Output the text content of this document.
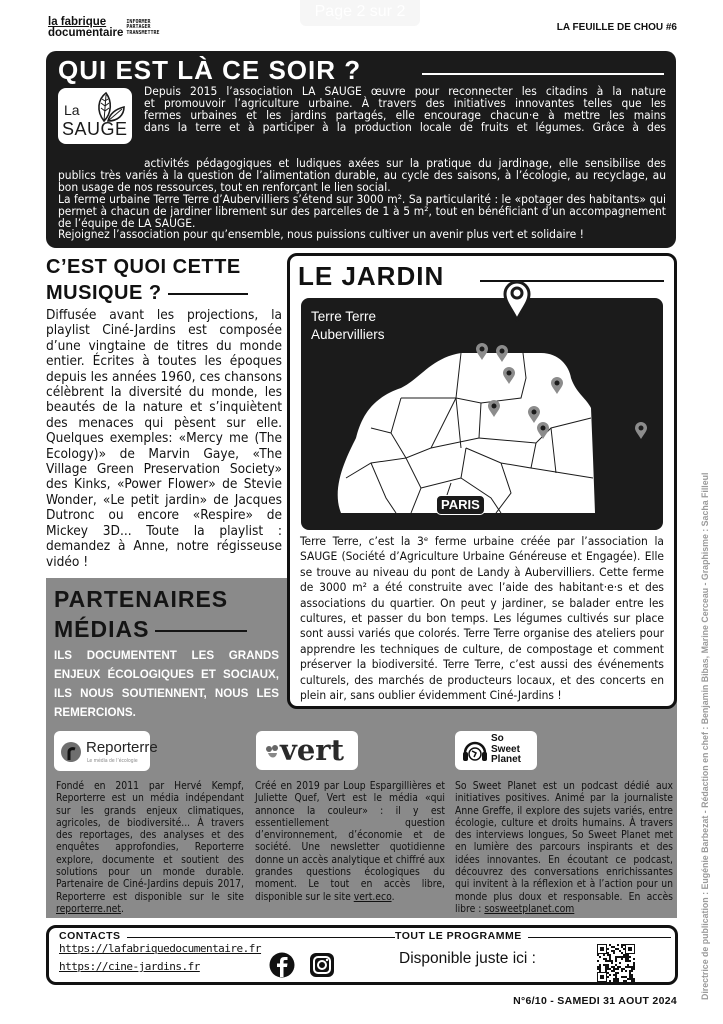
la fabrique
documentaire
INFORMER
PARTAGER
TRANSMETTRE
Page 2 sur 2
LA FEUILLE DE CHOU #6
QUI EST LÀ CE SOIR ?
La
SAUGE
Depuis 2015 l’association LA SAUGE œuvre pour reconnecter les citadins à la nature
et promouvoir l’agriculture urbaine. À travers des initiatives innovantes telles que les
fermes urbaines et les jardins partagés, elle encourage chacun·e à mettre les mains
dans la terre et à participer à la production locale de fruits et légumes. Grâce à des
activités pédagogiques et ludiques axées sur la pratique du jardinage, elle sensibilise des
publics très variés à la question de l’alimentation durable, au cycle des saisons, à l’écologie, au recyclage, au bon usage de nos ressources, tout en renforçant le lien social.
La ferme urbaine Terre Terre d’Aubervilliers s’étend sur 3000 m². Sa particularité : le «potager des habitants» qui permet à chacun de jardiner librement sur des parcelles de 1 à 5 m², tout en bénéficiant d’un accompagnement de l’équipe de LA SAUGE.
Rejoignez l’association pour qu’ensemble, nous puissions cultiver un avenir plus vert et solidaire !
C’EST QUOI CETTE
MUSIQUE ?

Diffusée avant les projections, la playlist Ciné-Jardins est composée d’une vingtaine de titres du monde entier. Écrites à toutes les époques depuis les années 1960, ces chansons célèbrent la diversité du monde, les beautés de la nature et s’inquiètent des menaces qui pèsent sur elle. Quelques exemples: «Mercy me (The Ecology)» de Marvin Gaye, «The Village Green Preservation Society» des Kinks, «Power Flower» de Stevie Wonder, «Le petit jardin» de Jacques Dutronc ou encore «Respire» de Mickey 3D... Toute la playlist : demandez à Anne, notre régisseuse vidéo !

PARTENAIRES
MÉDIAS

ILS DOCUMENTENT LES GRANDS ENJEUX ÉCOLOGIQUES ET SOCIAUX, ILS NOUS SOUTIENNENT, NOUS LES REMERCIONS.

LE JARDIN
Terre Terre
Aubervilliers
PARIS

Terre Terre, c’est la 3ᵉ ferme urbaine créée par l’association la SAUGE (Société d’Agriculture Urbaine Généreuse et Engagée). Elle se trouve au niveau du pont de Landy à Aubervilliers. Cette ferme de 3000 m² a été construite avec l’aide des habitant·e·s et des associations du quartier. On peut y jardiner, se balader entre les cultures, et passer du bon temps. Les légumes cultivés sur place sont aussi variés que colorés. Terre Terre organise des ateliers pour apprendre les techniques de culture, de compostage et comment préserver la biodiversité. Terre Terre, c’est aussi des événements culturels, des marchés de producteurs locaux, et des concerts en plein air, sans oublier évidemment Ciné-Jardins !

Reporterre
Le média de l’écologie	vert	So
Sweet
Planet
Fondé en 2011 par Hervé Kempf, Reporterre est un média indépendant sur les grands enjeux climatiques, agricoles, de biodiversité... À travers des reportages, des analyses et des enquêtes approfondies, Reporterre explore, documente et soutient des solutions pour un monde durable. Partenaire de Ciné-Jardins depuis 2017, Reporterre est disponible sur le site reporterre.net.
Créé en 2019 par Loup Espargillières et Juliette Quef, Vert est le média «qui annonce la couleur» : il y est essentiellement question d’environnement, d’économie et de société. Une newsletter quotidienne donne un accès analytique et chiffré aux grandes questions écologiques du moment. Le tout en accès libre, disponible sur le site vert.eco.
So Sweet Planet est un podcast dédié aux initiatives positives. Animé par la journaliste Anne Greffe, il explore des sujets variés, entre écologie, culture et droits humains. À travers des interviews longues, So Sweet Planet met en lumière des parcours inspirants et des idées innovantes. En écoutant ce podcast, découvrez des conversations enrichissantes qui invitent à la réflexion et à l’action pour un monde plus doux et responsable. En accès libre : sosweetplanet.com
CONTACTS
https://lafabriquedocumentaire.fr
https://cine-jardins.fr
TOUT LE PROGRAMME
Disponible juste ici :
N°6/10 - SAMEDI 31 AOUT 2024
Directrice de publication : Eugénie Barbezat - Rédaction en chef : Benjamin Bibas, Marine Cerceau - Graphisme : Sacha Filleul
